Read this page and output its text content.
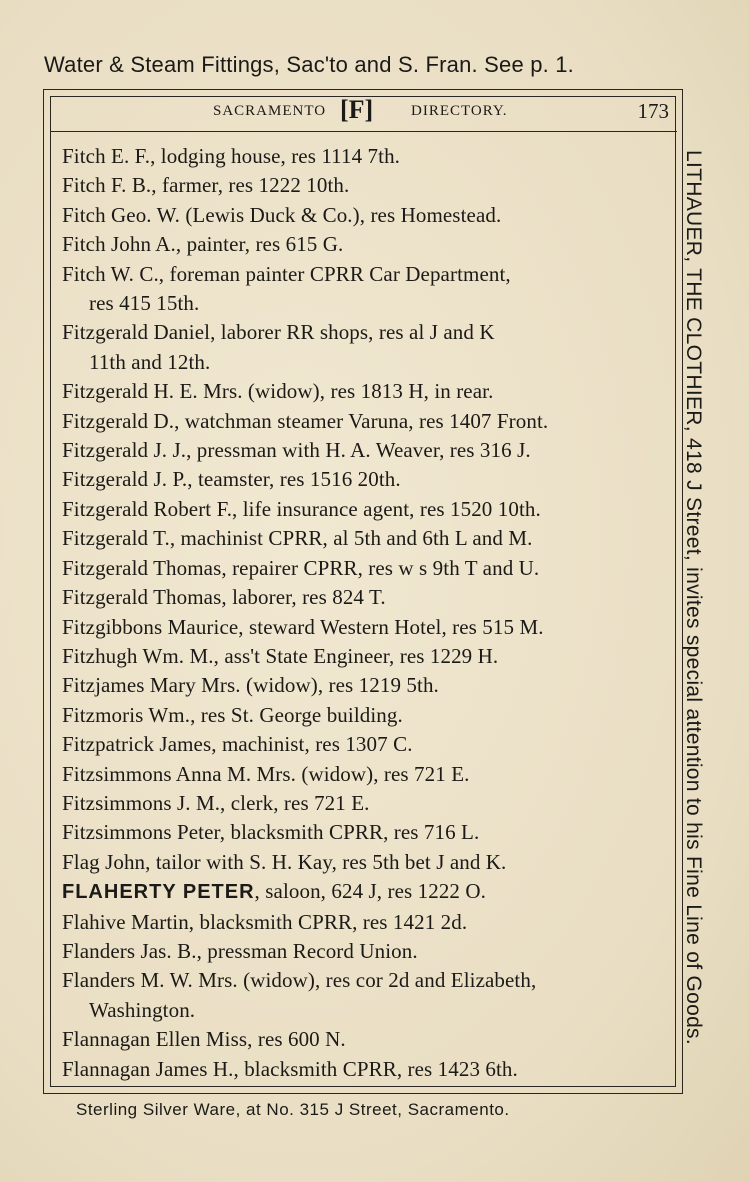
Water & Steam Fittings, Sac'to and S. Fran. See p. 1.
SACRAMENTO [F]	DIRECTORY.	173
Fitch E. F., lodging house, res 1114 7th.
Fitch F. B., farmer, res 1222 10th.
Fitch Geo. W. (Lewis Duck & Co.), res Homestead.
Fitch John A., painter, res 615 G.
Fitch W. C., foreman painter CPRR Car Department,
res 415 15th.
Fitzgerald Daniel, laborer RR shops, res al J and K
11th and 12th.
Fitzgerald H. E. Mrs. (widow), res 1813 H, in rear.
Fitzgerald D., watchman steamer Varuna, res 1407 Front.
Fitzgerald J. J., pressman with H. A. Weaver, res 316 J.
Fitzgerald J. P., teamster, res 1516 20th.
Fitzgerald Robert F., life insurance agent, res 1520 10th.
Fitzgerald T., machinist CPRR, al 5th and 6th L and M.
Fitzgerald Thomas, repairer CPRR, res w s 9th T and U.
Fitzgerald Thomas, laborer, res 824 T.
Fitzgibbons Maurice, steward Western Hotel, res 515 M.
Fitzhugh Wm. M., ass't State Engineer, res 1229 H.
Fitzjames Mary Mrs. (widow), res 1219 5th.
Fitzmoris Wm., res St. George building.
Fitzpatrick James, machinist, res 1307 C.
Fitzsimmons Anna M. Mrs. (widow), res 721 E.
Fitzsimmons J. M., clerk, res 721 E.
Fitzsimmons Peter, blacksmith CPRR, res 716 L.
Flag John, tailor with S. H. Kay, res 5th bet J and K.
FLAHERTY PETER, saloon, 624 J, res 1222 O.
Flahive Martin, blacksmith CPRR, res 1421 2d.
Flanders Jas. B., pressman Record Union.
Flanders M. W. Mrs. (widow), res cor 2d and Elizabeth,
Washington.
Flannagan Ellen Miss, res 600 N.
Flannagan James H., blacksmith CPRR, res 1423 6th.
LITHAUER, THE CLOTHIER, 418 J Street, invites special attention to his Fine Line of Goods.
Sterling Silver Ware, at No. 315 J Street, Sacramento.
